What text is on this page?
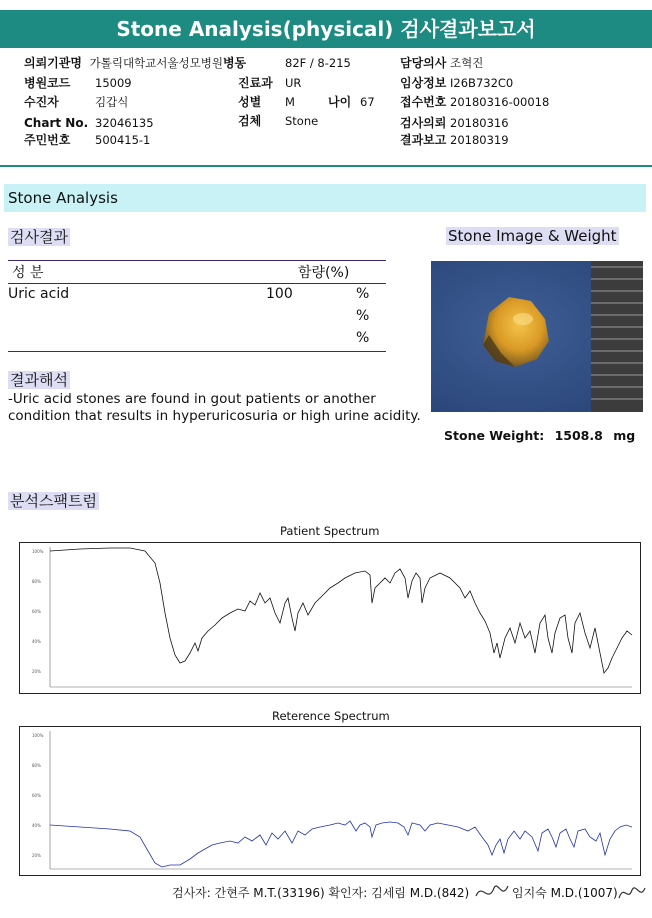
Stone Analysis(physical) 검사결과보고서
의뢰기관명 가톨릭대학교서울성모병원병동	82F / 8-215	담당의사 조혁진
병원코드 15009	진료과 UR	임상정보 I26B732C0
수진자	김갑식	성별 M	나이 67 접수번호 20180316-00018
Chart No. 32046135	검체 Stone	검사의뢰 20180316
주민번호 500415-1	결과보고 20180319
Stone Analysis
검사결과	Stone Image & Weight
성 분	함량(%)
Uric acid	100	%
%
%
결과해석
-Uric acid stones are found in gout patients or another
condition that results in hyperuricosuria or high urine acidity.
Stone Weight: 1508.8 mg
분석스팩트럼
Patient Spectrum
100%
80%
60%
40%
20%
Reterence Spectrum
100%
80%
60%
40%
20%
검사자: 간현주 M.T.(33196) 확인자: 김세림 M.D.(842)	임지숙 M.D.(1007)
